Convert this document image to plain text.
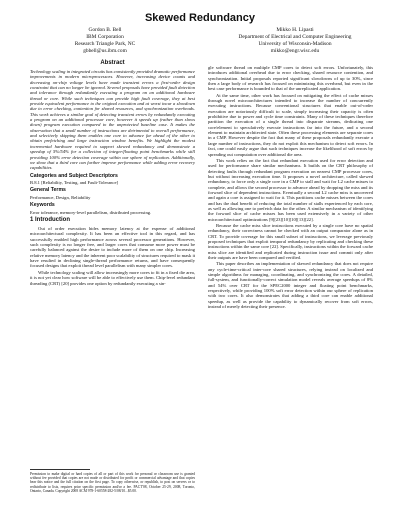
Skewed Redundancy
Gordon B. Bell
IBM Corporation
Research Triangle Park, NC
gbbell@us.ibm.com
Mikko H. Lipasti
Department of Electrical and Computer Engineering
University of Wisconsin-Madison
mikko@engr.wisc.edu
Abstract

Technology scaling in integrated circuits has consistently provided dramatic performance improvements in modern microprocessors. However, increasing device counts and decreasing on-chip voltage levels have made transient errors a first-order design constraint that can no longer be ignored. Several proposals have provided fault detection and tolerance through redundantly executing a program on an additional hardware thread or core. While such techniques can provide high fault coverage, they at best provide equivalent performance to the original execution and at worst incur a slowdown due to error checking, contention for shared resources, and synchronization overheads. This work achieves a similar goal of detecting transient errors by redundantly executing a program on an additional processor core, however it speeds up (rather than slows down) program execution compared to the unprotected baseline case. It makes the observation that a small number of instructions are detrimental to overall performance, and selectively skipping them enables one core to advance far ahead of the other to obtain prefetching and large instruction window benefits. We highlight the modest incremental hardware required to support skewed redundancy and demonstrate a speedup of 5%/54% for a collection of integer/floating point benchmarks while still providing 100% error detection coverage within our sphere of replication. Additionally, we show that a third core can further improve performance while adding error recovery capabilities.

Categories and Subject Descriptors

B.8.1 [Reliability, Testing, and Fault-Tolerance]

General Terms

Performance, Design, Reliability

Keywords

Error tolerance, memory-level parallelism, distributed processing.

1 Introduction

Out of order execution hides memory latency at the expense of additional microarchitectural complexity. It has been an effective tool in this regard, and has successfully enabled high performance across several processor generations. However, such complexity is no longer free, and larger cores that consume more power must be carefully balanced against the desire to include more of them on one chip. Increasing relative memory latency and the inherent poor scalability of structures required to mask it have resulted in declining single-thread performance returns, and have consequently focused designs that exploit thread level parallelism with many simpler cores.

While technology scaling will allow increasingly more cores to fit in a fixed die area, it is not yet clear how software will be able to effectively use them. Chip-level redundant threading (CRT) [20] provides one option by redundantly executing a sin-

Permission to make digital or hard copies of all or part of this work for personal or classroom use is granted without fee provided that copies are not made or distributed for profit or commercial advantage and that copies bear this notice and the full citation on the first page. To copy otherwise, or republish, to post on servers or to redistribute to lists, requires prior specific permission and/or a fee. PACT'08, October 25-29, 2008, Toronto, Ontario, Canada. Copyright 2008 ACM 978-1-60558-282-5/08/10...$5.00.

gle software thread on multiple CMP cores to detect soft errors. Unfortunately, this introduces additional overhead due to error checking, shared resource contention, and synchronization. Initial proposals reported significant slowdowns of up to 30%, since then a large body of research has focused on minimizing this overhead, but even in the best case performance is bounded to that of the unreplicated application.

At the same time, other work has focused on mitigating the effect of cache misses through novel microarchitectures intended to increase the number of concurrently executing instructions. Because conventional structures that enable out-of-order execution are notoriously difficult to scale, simply increasing their capacity is often prohibitive due to power and cycle time constraints. Many of these techniques therefore partition the execution of a single thread into disparate streams, dedicating one core/element to speculatively execute instructions far into the future, and a second element to maintain architected state. Often these processing elements are separate cores in a CMP. However despite the fact that many of these proposals redundantly execute a large number of instructions, they do not exploit this mechanism to detect soft errors. In fact, one could easily argue that such techniques increase the likelihood of soft errors by spreading out computation over additional die area.

This work relies on the fact that redundant execution used for error detection and used for performance share similar mechanisms. It builds on the CRT philosophy of detecting faults through redundant program execution on nearest CMP processor cores, but without increasing execution time. It proposes a novel architecture, called skewed redundancy, to force only a single core in a CMP to stall and wait for L2 cache misses to complete, and allows the second processor to advance ahead by dropping the miss and its forward slice of dependent instructions. Eventually a second L2 cache miss is uncovered and again a core is assigned to wait for it. This partitions cache misses between the cores and has the dual benefit of reducing the total number of stalls experienced by each core, as well as allowing one to prefetch data for the other. A similar mechanism of identifying the forward slice of cache misses has been used extensively in a variety of other microarchitectural optimizations [9][23][10][10][13][22].

Because the cache miss slice instructions executed by a single core have no spatial redundancy, their correctness cannot be checked with an output comparator alone as in CRT. To provide coverage for this small subset of instructions, we leverage previously proposed techniques that exploit temporal redundancy by replicating and checking these instructions within the same core [22]. Specifically, instructions within the forward cache miss slice are identified and replicated during instruction issue and commit only after their outputs are have been compared and verified.

This paper describes an implementation of skewed redundancy that does not require any cycle-time-critical inter-core shared structures, relying instead on localized and simple algorithms for managing, coordinating, and synchronizing the cores. A detailed, full-system, and functionally-correct simulation model reveals average speedups of 8% and 54% over CRT for the SPEC2000 integer and floating point benchmarks, respectively, while providing 100% soft error detection within our sphere of replication with two cores. It also demonstrates that adding a third core can enable additional speedup, as well as provide the capability to dynamically recover from soft errors, instead of merely detecting their presence.
